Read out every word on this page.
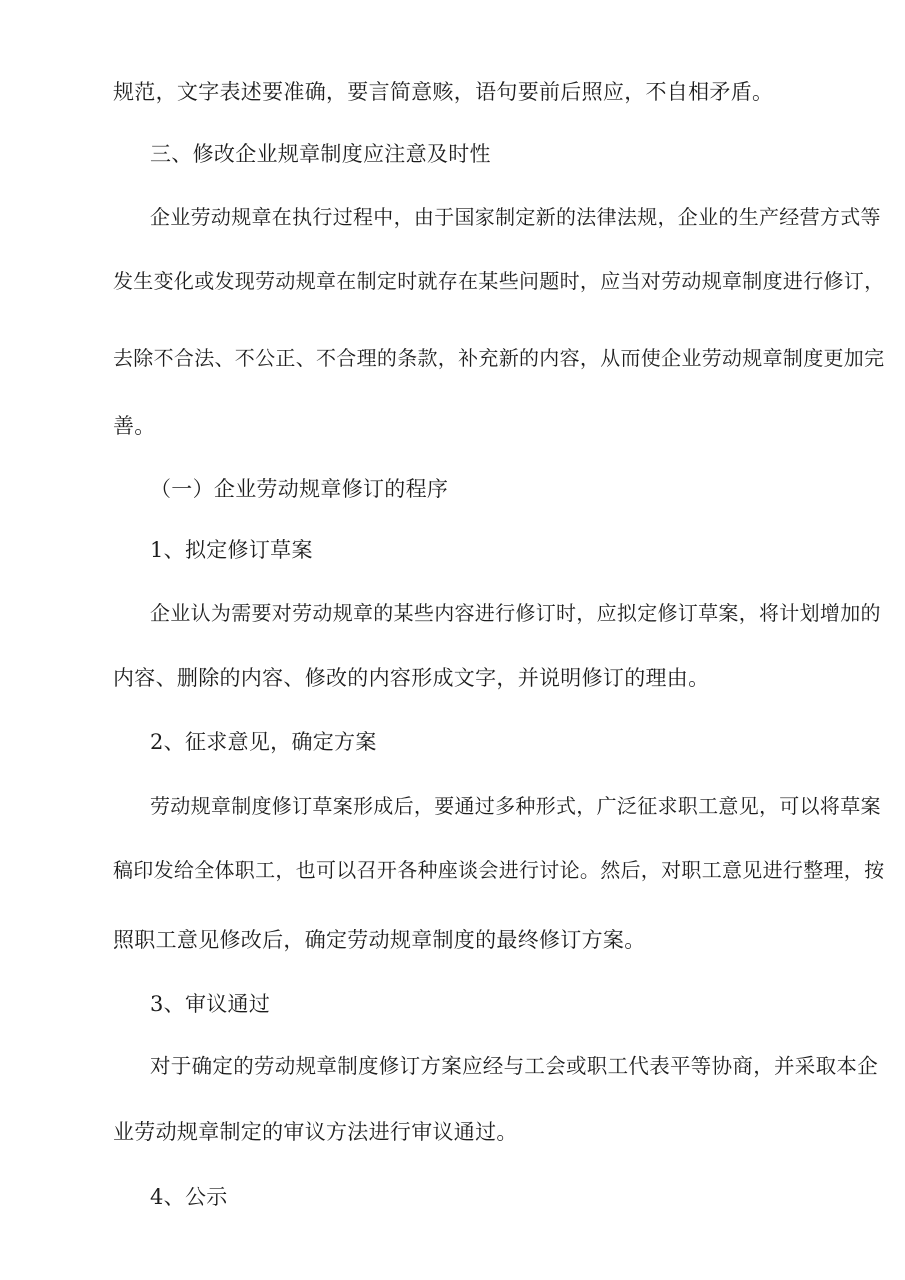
规范，文字表述要准确，要言简意赅，语句要前后照应，不自相矛盾。
三、修改企业规章制度应注意及时性
企业劳动规章在执行过程中，由于国家制定新的法律法规，企业的生产经营方式等
发生变化或发现劳动规章在制定时就存在某些问题时，应当对劳动规章制度进行修订，
去除不合法、不公正、不合理的条款，补充新的内容，从而使企业劳动规章制度更加完
善。
（一）企业劳动规章修订的程序
1、拟定修订草案
企业认为需要对劳动规章的某些内容进行修订时，应拟定修订草案，将计划增加的
内容、删除的内容、修改的内容形成文字，并说明修订的理由。
2、征求意见，确定方案
劳动规章制度修订草案形成后，要通过多种形式，广泛征求职工意见，可以将草案
稿印发给全体职工，也可以召开各种座谈会进行讨论。然后，对职工意见进行整理，按
照职工意见修改后，确定劳动规章制度的最终修订方案。
3、审议通过
对于确定的劳动规章制度修订方案应经与工会或职工代表平等协商，并采取本企
业劳动规章制定的审议方法进行审议通过。
4、公示
